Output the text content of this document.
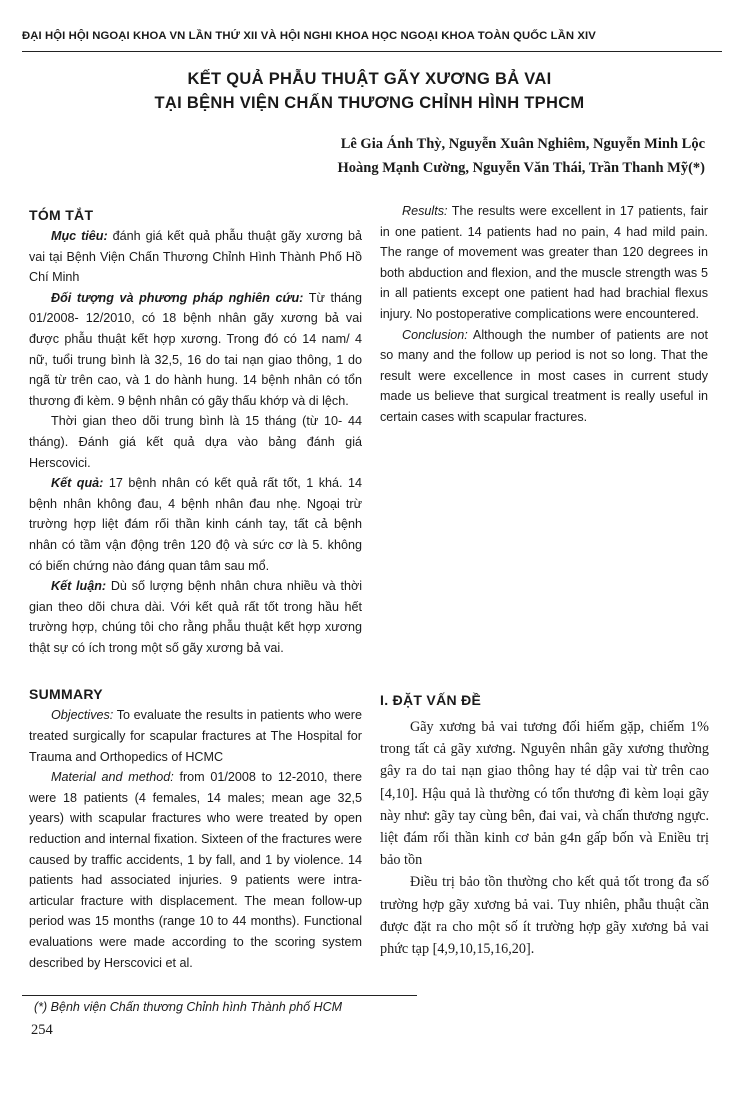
ĐẠI HỘI HỘI NGOẠI KHOA VN LẦN THỨ XII VÀ HỘI NGHI KHOA HỌC NGOẠI KHOA TOÀN QUỐC LẦN XIV
KẾT QUẢ PHẪU THUẬT GÃY XƯƠNG BẢ VAI
TẠI BỆNH VIỆN CHẤN THƯƠNG CHỈNH HÌNH TPHCM
Lê Gia Ánh Thỳ, Nguyễn Xuân Nghiêm, Nguyễn Minh Lộc
Hoàng Mạnh Cường, Nguyễn Văn Thái, Trần Thanh Mỹ(*)
TÓM TẮT

Mục tiêu: đánh giá kết quả phẫu thuật gãy xương bả vai tại Bệnh Viện Chấn Thương Chỉnh Hình Thành Phố Hồ Chí Minh

Đối tượng và phương pháp nghiên cứu: Từ tháng 01/2008- 12/2010, có 18 bệnh nhân gãy xương bả vai được phẫu thuật kết hợp xương. Trong đó có 14 nam/ 4 nữ, tuổi trung bình là 32,5, 16 do tai nạn giao thông, 1 do ngã từ trên cao, và 1 do hành hung. 14 bệnh nhân có tổn thương đi kèm. 9 bệnh nhân có gãy thấu khớp và di lệch.

Thời gian theo dõi trung bình là 15 tháng (từ 10- 44 tháng). Đánh giá kết quả dựa vào bảng đánh giá Herscovici.

Kết quả: 17 bệnh nhân có kết quả rất tốt, 1 khá. 14 bệnh nhân không đau, 4 bệnh nhân đau nhẹ. Ngoại trừ trường hợp liệt đám rối thần kinh cánh tay, tất cả bệnh nhân có tầm vận động trên 120 độ và sức cơ là 5. không có biến chứng nào đáng quan tâm sau mổ.

Kết luận: Dù số lượng bệnh nhân chưa nhiều và thời gian theo dõi chưa dài. Với kết quả rất tốt trong hầu hết trường hợp, chúng tôi cho rằng phẫu thuật kết hợp xương thật sự có ích trong một số gãy xương bả vai.

SUMMARY

Objectives: To evaluate the results in patients who were treated surgically for scapular fractures at The Hospital for Trauma and Orthopedics of HCMC

Material and method: from 01/2008 to 12-2010, there were 18 patients (4 females, 14 males; mean age 32,5 years) with scapular fractures who were treated by open reduction and internal fixation. Sixteen of the fractures were caused by traffic accidents, 1 by fall, and 1 by violence. 14 patients had associated injuries. 9 patients were intra- articular fracture with displacement. The mean follow-up period was 15 months (range 10 to 44 months). Functional evaluations were made according to the scoring system described by Herscovici et al.

Results: The results were excellent in 17 patients, fair in one patient. 14 patients had no pain, 4 had mild pain. The range of movement was greater than 120 degrees in both abduction and flexion, and the muscle strength was 5 in all patients except one patient had had brachial flexus injury. No postoperative complications were encountered.

Conclusion: Although the number of patients are not so many and the follow up period is not so long. That the result were excellence in most cases in current study made us believe that surgical treatment is really useful in certain cases with scapular fractures.

I. ĐẶT VẤN ĐỀ

Gãy xương bả vai tương đối hiếm gặp, chiếm 1% trong tất cả gãy xương. Nguyên nhân gãy xương thường gây ra do tai nạn giao thông hay té dập vai từ trên cao [4,10]. Hậu quả là thường có tổn thương đi kèm loại gãy này như: gãy tay cùng bên, đai vai, và chấn thương ngực. liệt đám rối thần kinh cơ bản g4n gấp bốn và Eniều trị bảo tồn

Điều trị bảo tồn thường cho kết quả tốt trong đa số trường hợp gãy xương bả vai. Tuy nhiên, phẫu thuật cần được đặt ra cho một số ít trường hợp gãy xương bả vai phức tạp [4,9,10,15,16,20].

(*) Bệnh viện Chấn thương Chỉnh hình Thành phố HCM
254
